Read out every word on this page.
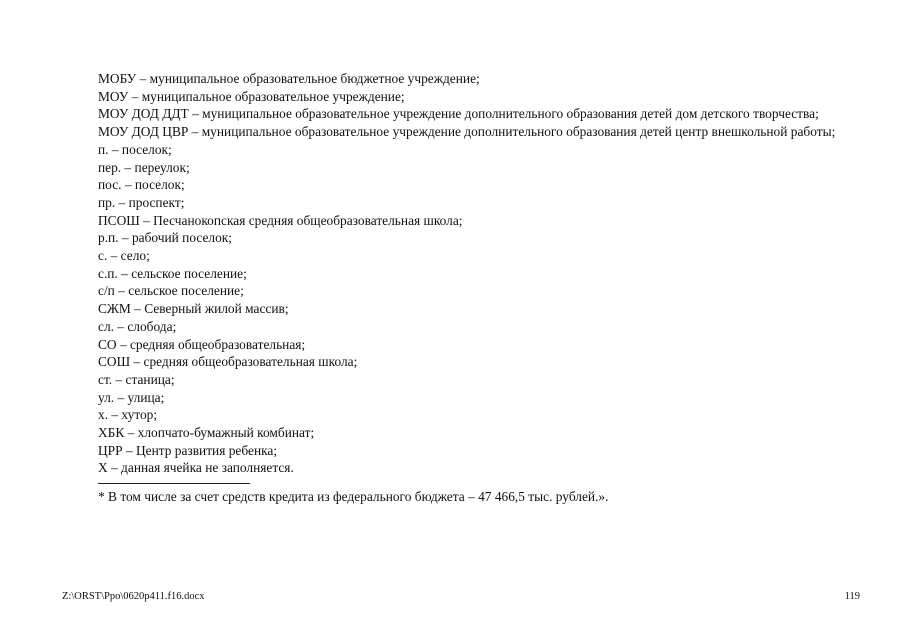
МОБУ – муниципальное образовательное бюджетное учреждение;
МОУ – муниципальное образовательное учреждение;
МОУ ДОД ДДТ – муниципальное образовательное учреждение дополнительного образования детей дом детского творчества;
МОУ ДОД ЦВР – муниципальное образовательное учреждение дополнительного образования детей центр внешкольной работы;
п. – поселок;
пер. – переулок;
пос. – поселок;
пр. – проспект;
ПСОШ – Песчанокопская средняя общеобразовательная школа;
р.п. – рабочий поселок;
с. – село;
с.п. – сельское поселение;
с/п – сельское поселение;
СЖМ – Северный жилой массив;
сл. – слобода;
СО – средняя общеобразовательная;
СОШ – средняя общеобразовательная школа;
ст. – станица;
ул. – улица;
х. – хутор;
ХБК – хлопчато-бумажный комбинат;
ЦРР – Центр развития ребенка;
Х – данная ячейка не заполняется.
* В том числе за счет средств кредита из федерального бюджета – 47 466,5 тыс. рублей.».
Z:\ORST\Ppo\0620p411.f16.docx	119
